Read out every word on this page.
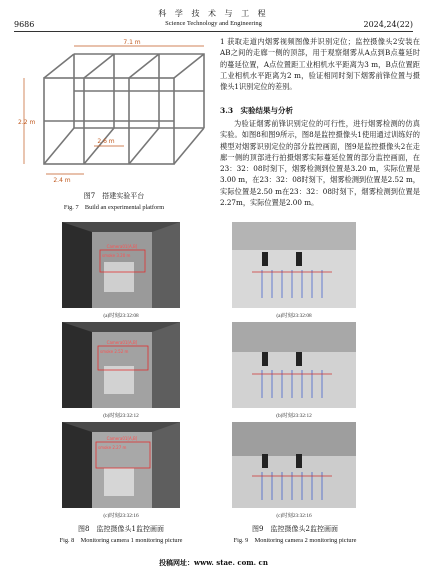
9686
科 学 技 术 与 工 程
Science Technology and Engineering	2024,24(22)
7.1 m
2.2 m
2.4 m
2.6 m
图7　搭建实验平台
Fig. 7　Build an experimental platform
1 获取走道内烟雾视频图像并识别定位；监控摄像头2安装在AB之间的走廊一侧的顶部，用于观察烟雾从A点到B点蔓延时的蔓延位置，A点位置距工业相机水平距离为3 m，B点位置距工业相机水平距离为2 m，验证相同时刻下烟雾前锋位置与摄像头1识别定位的差别。
3.3　实验结果与分析
为验证烟雾前锋识别定位的可行性，进行烟雾检测的仿真实验。如图8和图9所示，图8是监控摄像头1使用通过训练好的模型对烟雾识别定位的部分监控画面，图9是监控摄像头2在走廊一侧的顶部进行拍摄烟雾实际蔓延位置的部分监控画面，在23：32：08时刻下，烟雾检测到位置是3.20 m，实际位置是3.00 m，在23：32：08时刻下，烟雾检测到位置是2.52 m，实际位置是2.50 m在23：32：08时刻下，烟雾检测到位置是2.27m，实际位置是2.00 m。
Camera01[A,B]
smoke 3.20 m
(a)时刻23:32:08
Camera01[A,B]
smoke 2.52 m
(b)时刻23:32:12
Camera01[A,B]
smoke 2.27 m
(c)时刻23:32:16
图8　监控摄像头1监控画面
Fig. 8　Monitoring camera 1 monitoring picture
(a)时刻23:32:08
(b)时刻23:32:12
(c)时刻23:32:16
图9　监控摄像头2监控画面
Fig. 9　Monitoring camera 2 monitoring picture
投稿网址：www. stae. com. cn
